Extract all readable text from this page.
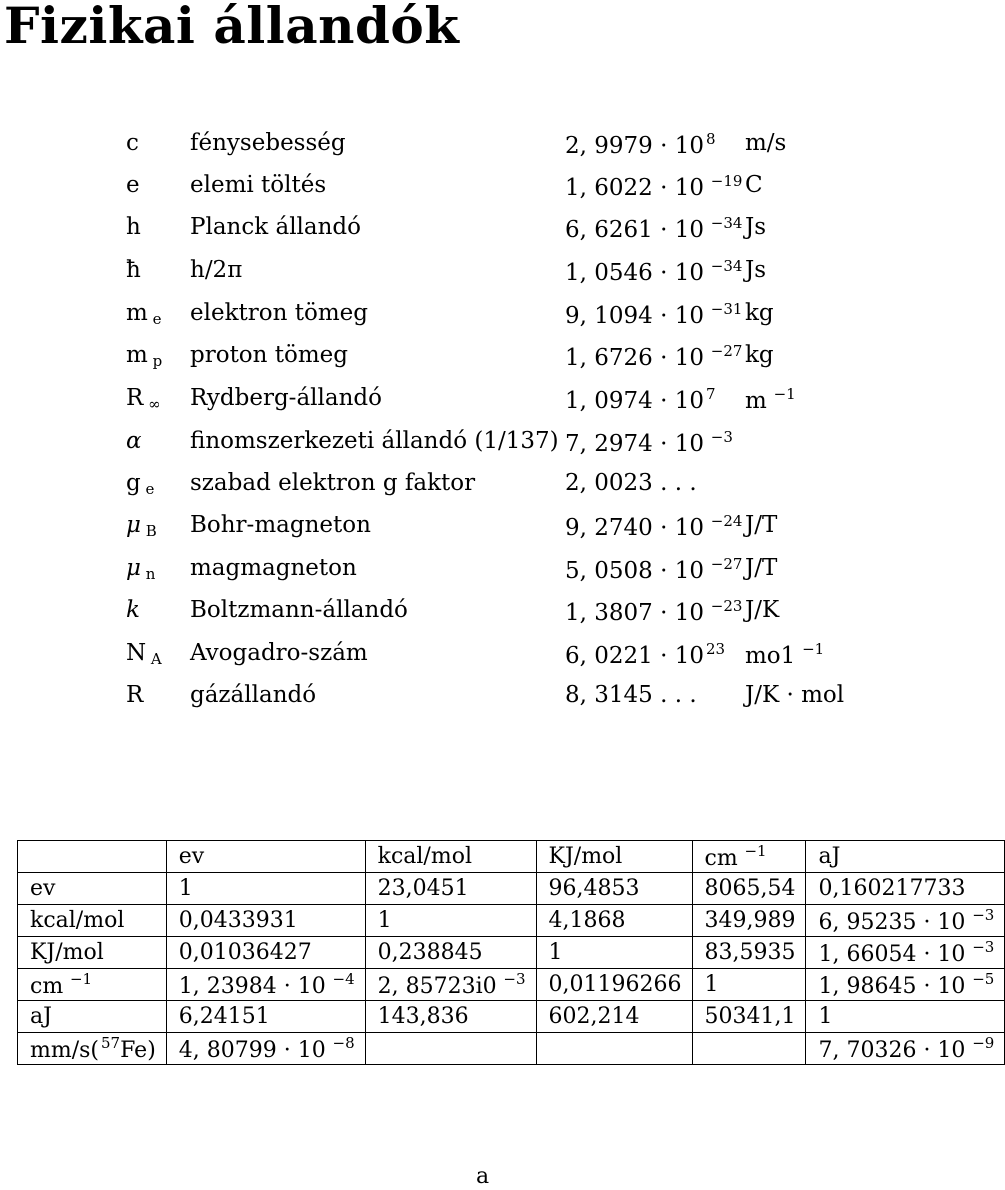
Fizikai állandók
c fénysebesség	2, 9979 · 10 $^8$ m/s
e elemi töltés	1, 6022 · 10 $^{-19}$ C
h Planck állandó	6, 6261 · 10 $^{-34}$ Js
ħ h/2π	1, 0546 · 10 $^{-34}$ Js
m $_e$ elektron tömeg	9, 1094 · 10 $^{-31}$ kg
m $_p$ proton tömeg	1, 6726 · 10 $^{-27}$ kg
R $_\infty$ Rydberg-állandó	1, 0974 · 10 $^7$ m $^{-1}$
α finomszerkezeti állandó (1/137) 7, 2974 · 10 $^{-3}$
g $_e$ szabad elektron g faktor	2, 0023 . . .
μ $_B$ Bohr-magneton	9, 2740 · 10 $^{-24}$ J/T
μ $_n$ magmagneton	5, 0508 · 10 $^{-27}$ J/T
k Boltzmann-állandó	1, 3807 · 10 $^{-23}$ J/K
N $_A$ Avogadro-szám	6, 0221 · 10 $^{23}$ mo1 $^{-1}$
R gázállandó	8, 3145 . . . J/K · mol
	ev	kcal/mol	KJ/mol	cm $^{-1}$	aJ
ev	1	23,0451	96,4853	8065,54	0,160217733
kcal/mol	0,0433931	1	4,1868	349,989	6, 95235 · 10 $^{-3}$
KJ/mol	0,01036427	0,238845	1	83,5935	1, 66054 · 10 $^{-3}$
cm $^{-1}$	1, 23984 · 10 $^{-4}$	2, 85723i0 $^{-3}$	0,01196266	1	1, 98645 · 10 $^{-5}$
aJ	6,24151	143,836	602,214	50341,1	1
mm/s( $^{57}$Fe)	4, 80799 · 10 $^{-8}$				7, 70326 · 10 $^{-9}$
a
